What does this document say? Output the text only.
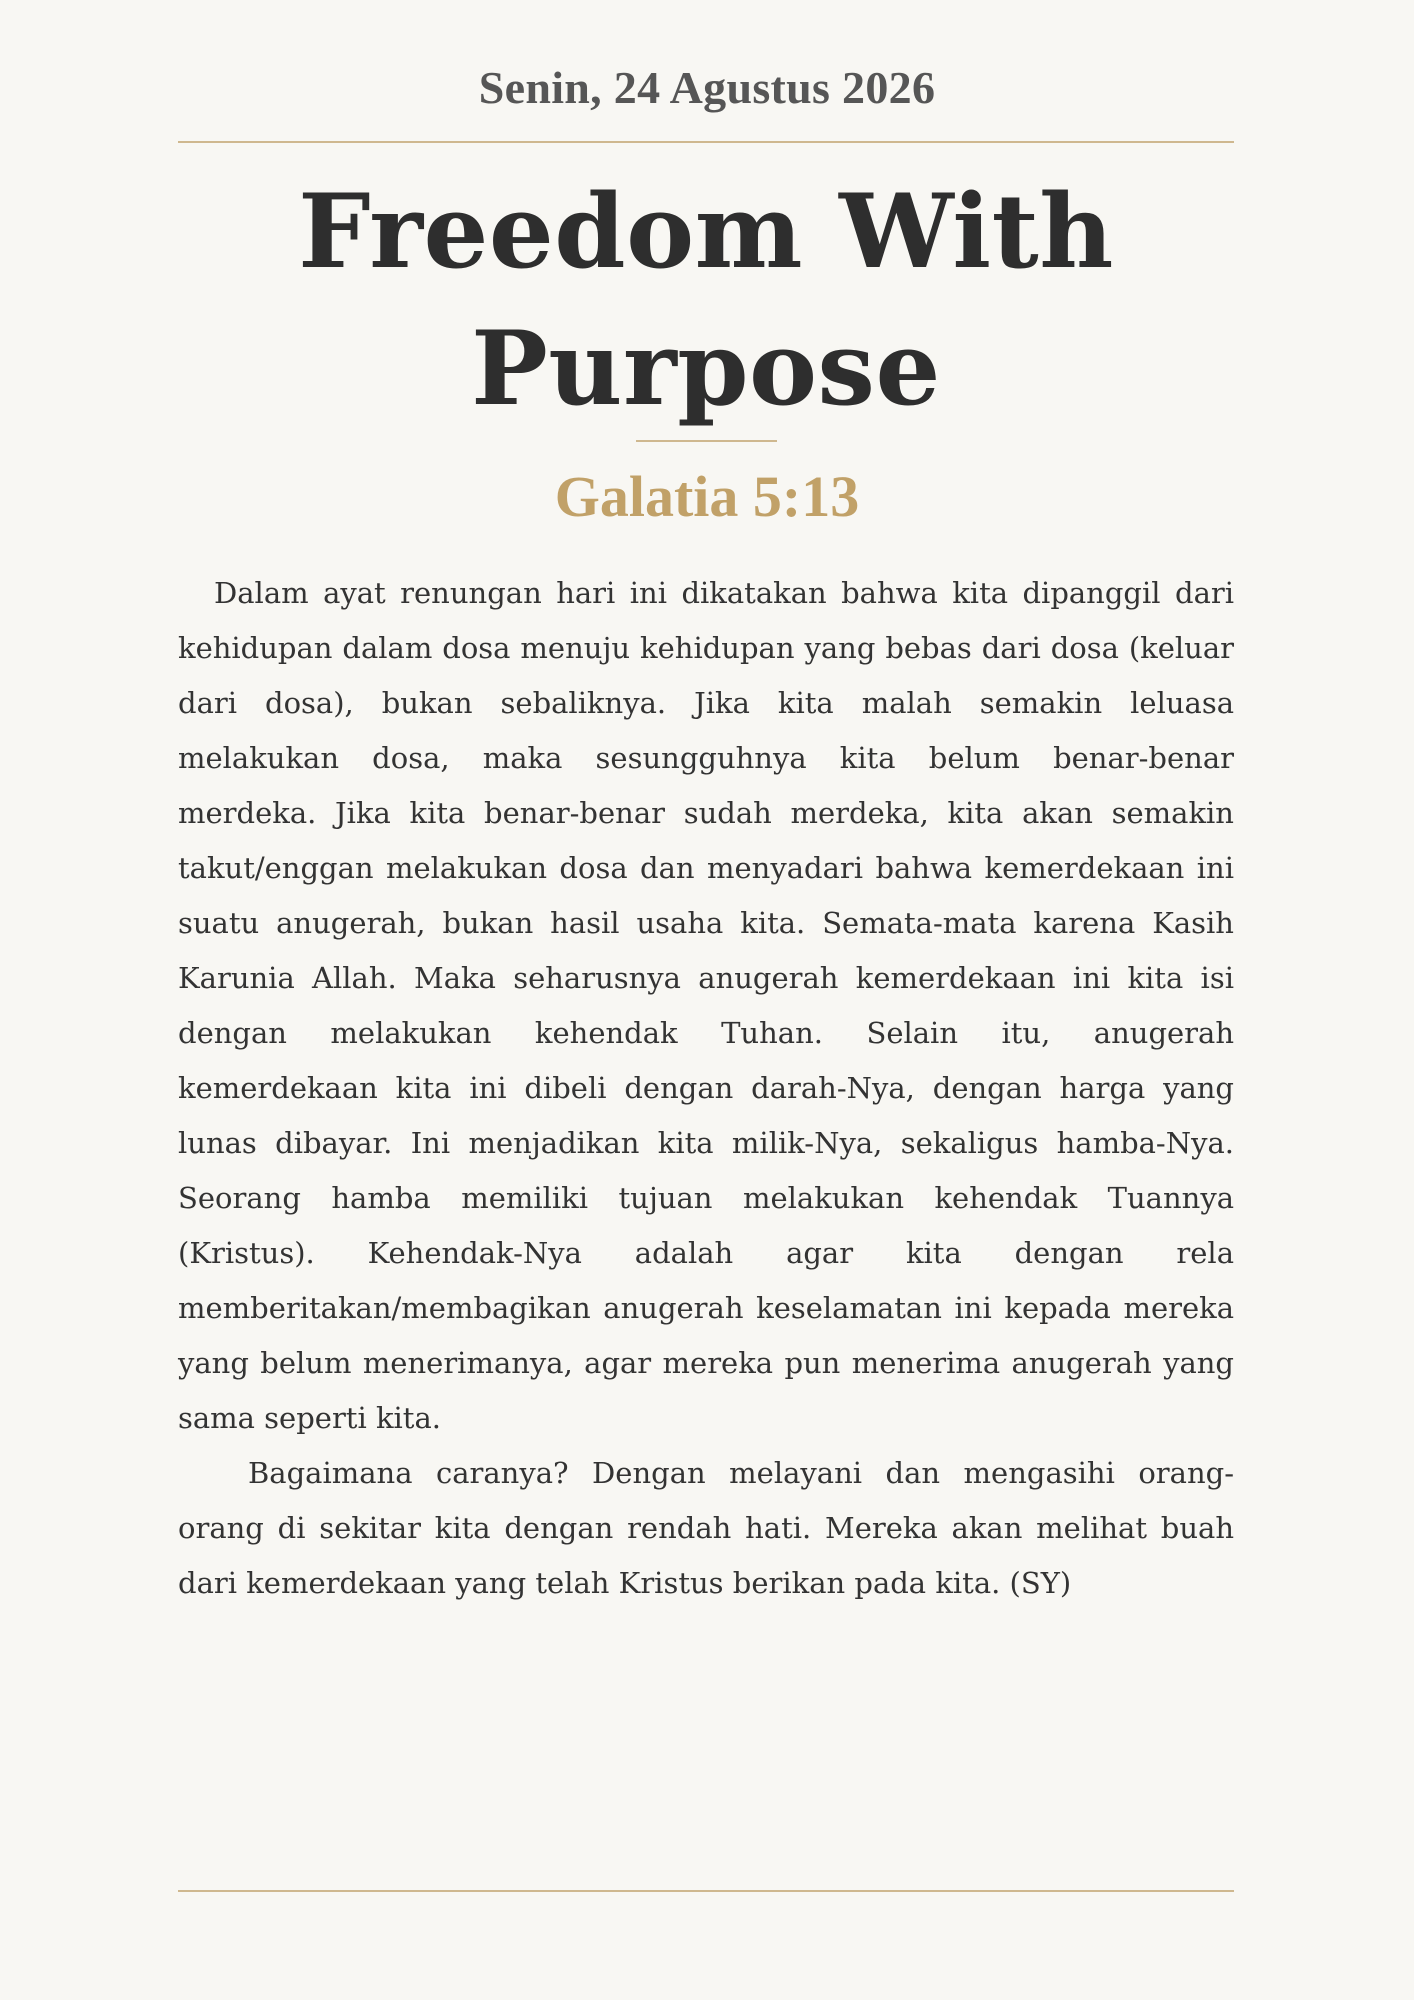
Senin, 24 Agustus 2026
Freedom With Purpose
Galatia 5:13

Dalam ayat renungan hari ini dikatakan bahwa kita dipanggil dari kehidupan dalam dosa menuju kehidupan yang bebas dari dosa (keluar dari dosa), bukan sebaliknya. Jika kita malah semakin leluasa melakukan dosa, maka sesungguhnya kita belum benar-benar merdeka. Jika kita benar-benar sudah merdeka, kita akan semakin takut/enggan melakukan dosa dan menyadari bahwa kemerdekaan ini suatu anugerah, bukan hasil usaha kita. Semata-mata karena Kasih Karunia Allah. Maka seharusnya anugerah kemerdekaan ini kita isi dengan melakukan kehendak Tuhan. Selain itu, anugerah kemerdekaan kita ini dibeli dengan darah-Nya, dengan harga yang lunas dibayar. Ini menjadikan kita milik-Nya, sekaligus hamba-Nya. Seorang hamba memiliki tujuan melakukan kehendak Tuannya (Kristus). Kehendak-Nya adalah agar kita dengan rela memberitakan/membagikan anugerah keselamatan ini kepada mereka yang belum menerimanya, agar mereka pun menerima anugerah yang sama seperti kita.

Bagaimana caranya? Dengan melayani dan mengasihi orang-orang di sekitar kita dengan rendah hati. Mereka akan melihat buah dari kemerdekaan yang telah Kristus berikan pada kita. (SY)
